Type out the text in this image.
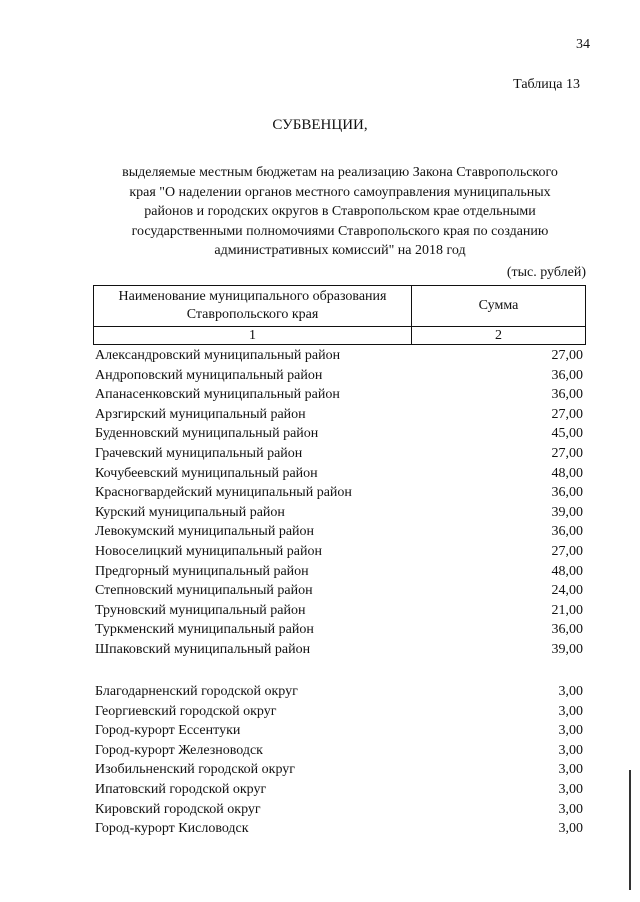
34
Таблица 13
СУБВЕНЦИИ,
выделяемые местным бюджетам на реализацию Закона Ставропольского
края "О наделении органов местного самоуправления муниципальных
районов и городских округов в Ставропольском крае отдельными
государственными полномочиями Ставропольского края по созданию
административных комиссий" на 2018 год
(тыс. рублей)
Наименование муниципального образования
Ставропольского края
Сумма
1	2
Александровский муниципальный район	27,00
Андроповский муниципальный район	36,00
Апанасенковский муниципальный район	36,00
Арзгирский муниципальный район	27,00
Буденновский муниципальный район	45,00
Грачевский муниципальный район	27,00
Кочубеевский муниципальный район	48,00
Красногвардейский муниципальный район	36,00
Курский муниципальный район	39,00
Левокумский муниципальный район	36,00
Новоселицкий муниципальный район	27,00
Предгорный муниципальный район	48,00
Степновский муниципальный район	24,00
Труновский муниципальный район	21,00
Туркменский муниципальный район	36,00
Шпаковский муниципальный район	39,00
Благодарненский городской округ	3,00
Георгиевский городской округ	3,00
Город-курорт Ессентуки	3,00
Город-курорт Железноводск	3,00
Изобильненский городской округ	3,00
Ипатовский городской округ	3,00
Кировский городской округ	3,00
Город-курорт Кисловодск	3,00
